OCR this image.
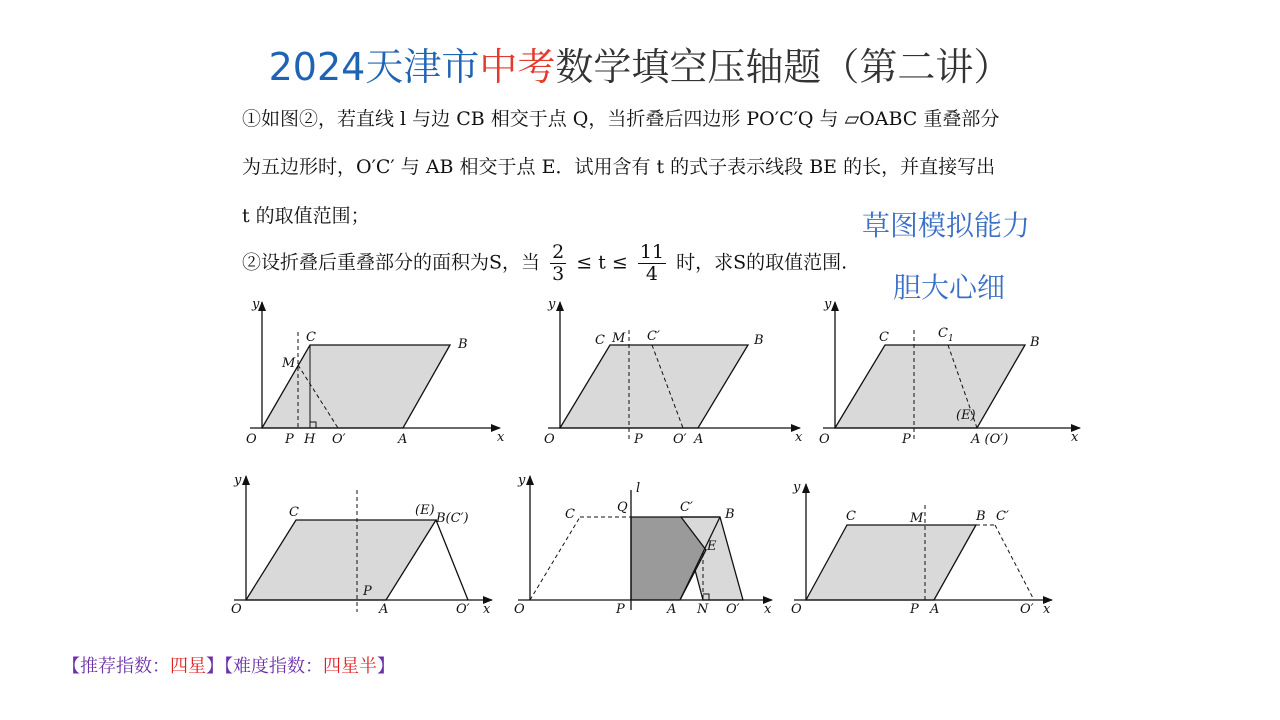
2024天津市中考数学填空压轴题（第二讲）
①如图②，若直线 l 与边 CB 相交于点 Q，当折叠后四边形 PO′C′Q 与 ▱OABC 重叠部分
为五边形时，O′C′ 与 AB 相交于点 E．试用含有 t 的式子表示线段 BE 的长，并直接写出
t 的取值范围；
②设折叠后重叠部分的面积为S，当 $\frac{2}{3} \le t \le \frac{11}{4}$ 时，求S的取值范围.
草图模拟能力
胆大心细
y
x
O P H O′	A
B
C
M
y
x
O	P O′ A
B
C M C′
y
x
O	P	A (O′)
B
C	$C_1$
(E)
y
x
O
P
A	O′
C	(E)
B(C′)
y
x
O	P	A N O′
C	Q	C′ B
E
l	y
x
O	P A	O′
C	M	B C′
【推荐指数：四星】【难度指数：四星半】
